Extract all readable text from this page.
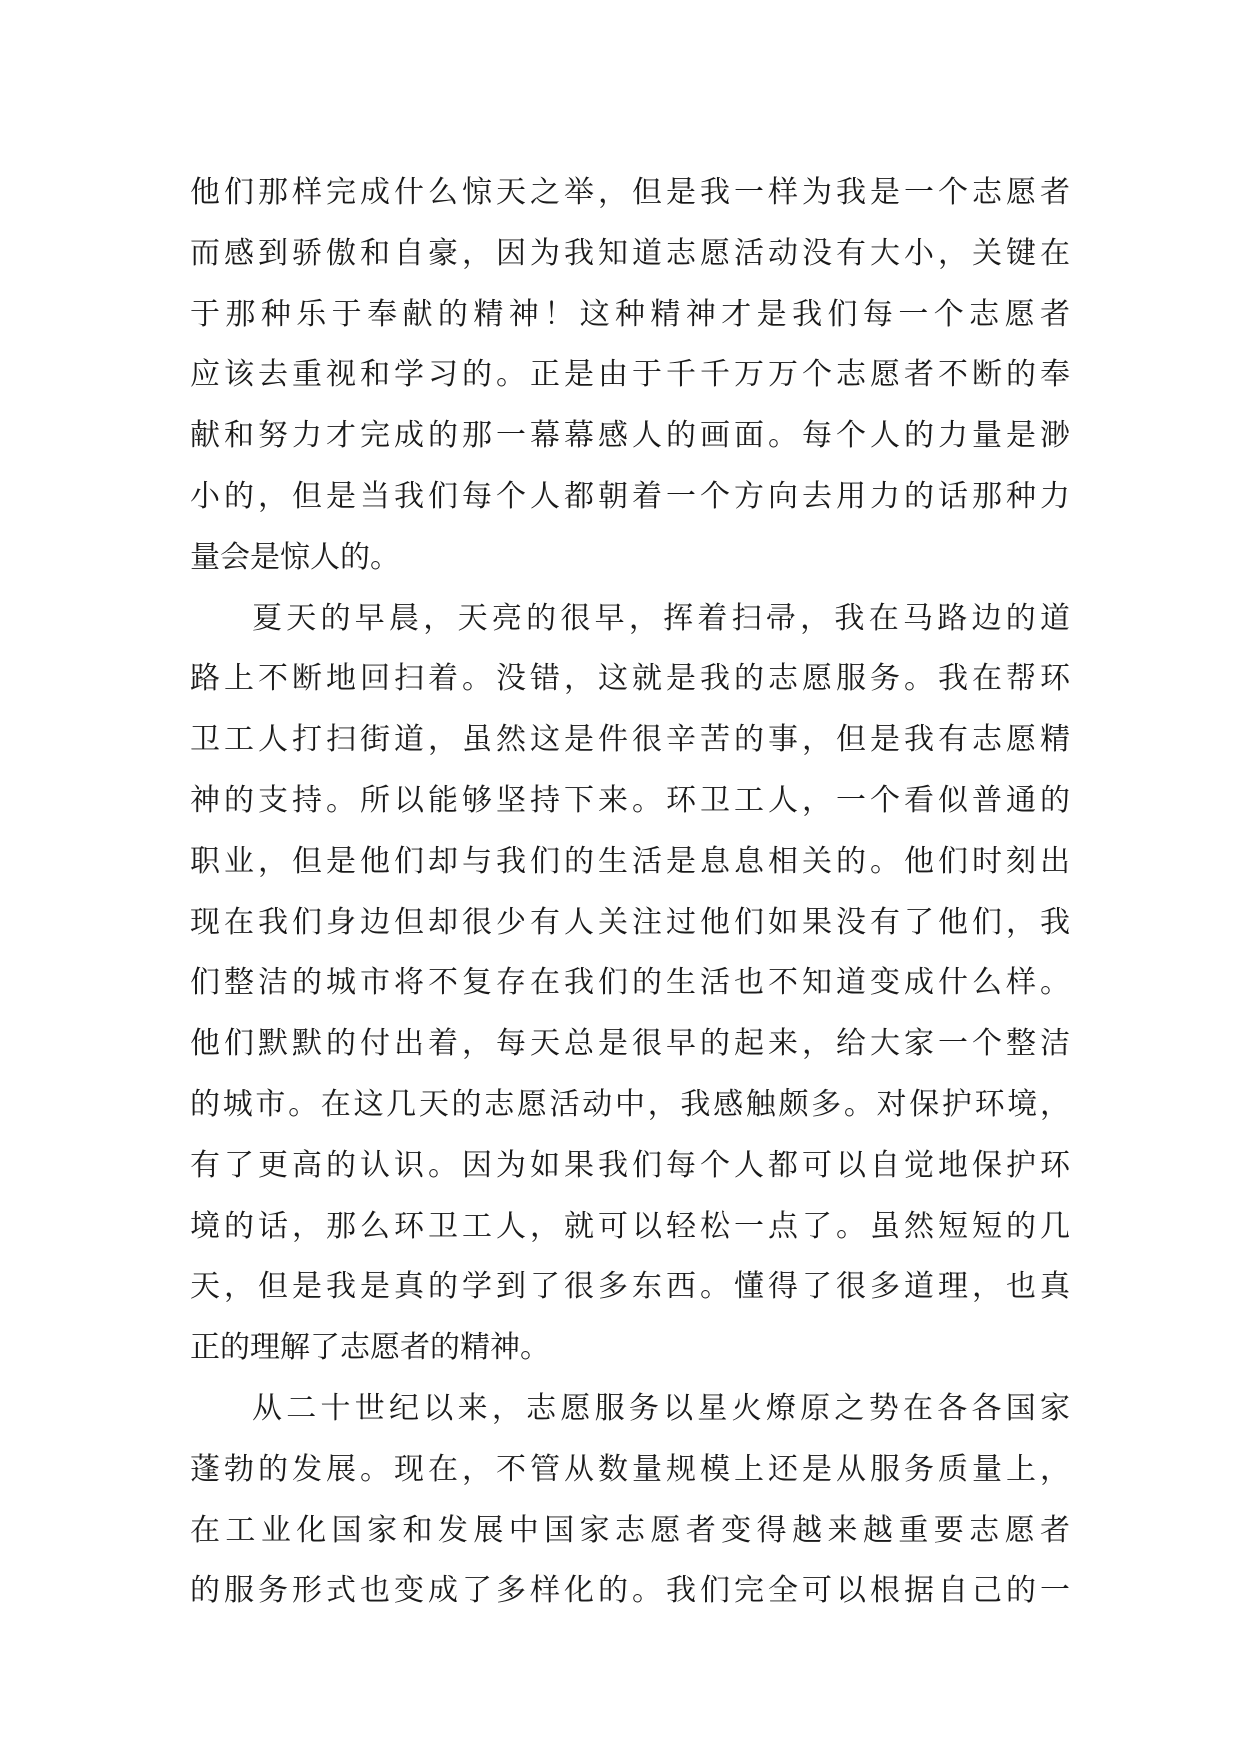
他们那样完成什么惊天之举，但是我一样为我是一个志愿者
而感到骄傲和自豪，因为我知道志愿活动没有大小，关键在
于那种乐于奉献的精神！这种精神才是我们每一个志愿者
应该去重视和学习的。正是由于千千万万个志愿者不断的奉
献和努力才完成的那一幕幕感人的画面。每个人的力量是渺
小的，但是当我们每个人都朝着一个方向去用力的话那种力
量会是惊人的。
夏天的早晨，天亮的很早，挥着扫帚，我在马路边的道
路上不断地回扫着。没错，这就是我的志愿服务。我在帮环
卫工人打扫街道，虽然这是件很辛苦的事，但是我有志愿精
神的支持。所以能够坚持下来。环卫工人，一个看似普通的
职业，但是他们却与我们的生活是息息相关的。他们时刻出
现在我们身边但却很少有人关注过他们如果没有了他们，我
们整洁的城市将不复存在我们的生活也不知道变成什么样。
他们默默的付出着，每天总是很早的起来，给大家一个整洁
的城市。在这几天的志愿活动中，我感触颇多。对保护环境，
有了更高的认识。因为如果我们每个人都可以自觉地保护环
境的话，那么环卫工人，就可以轻松一点了。虽然短短的几
天，但是我是真的学到了很多东西。懂得了很多道理，也真
正的理解了志愿者的精神。
从二十世纪以来，志愿服务以星火燎原之势在各各国家
蓬勃的发展。现在，不管从数量规模上还是从服务质量上，
在工业化国家和发展中国家志愿者变得越来越重要志愿者
的服务形式也变成了多样化的。我们完全可以根据自己的一
